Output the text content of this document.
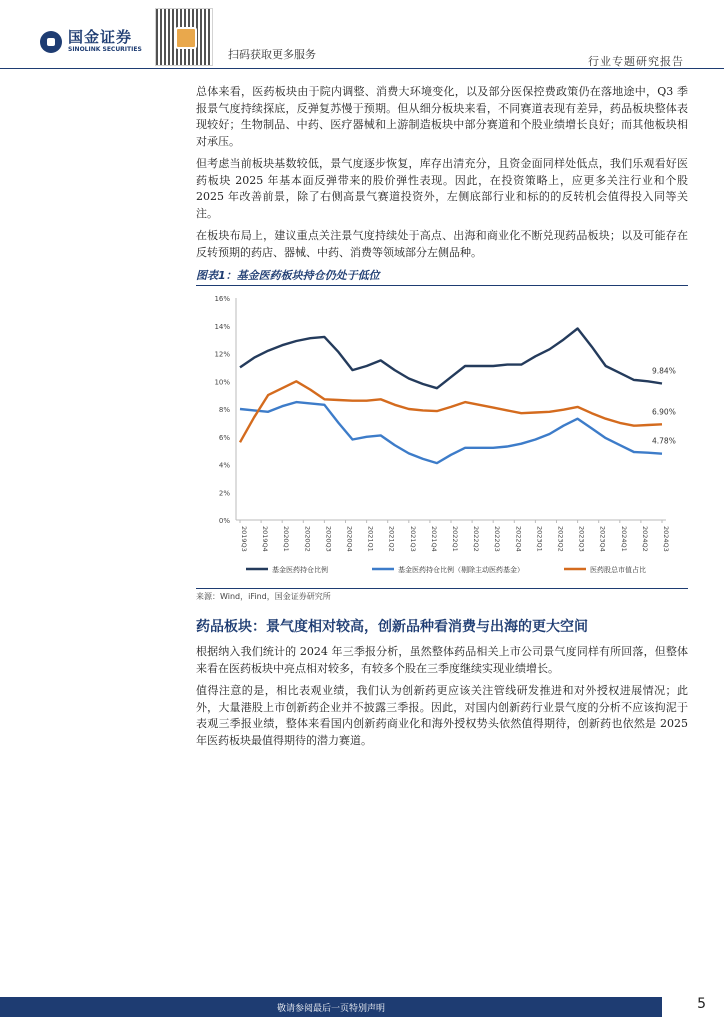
国金证券
SINOLINK SECURITIES	扫码获取更多服务
行业专题研究报告

总体来看，医药板块由于院内调整、消费大环境变化，以及部分医保控费政策仍在落地途中，Q3 季报景气度持续探底，反弹复苏慢于预期。但从细分板块来看，不同赛道表现有差异，药品板块整体表现较好；生物制品、中药、医疗器械和上游制造板块中部分赛道和个股业绩增长良好；而其他板块相对承压。

但考虑当前板块基数较低，景气度逐步恢复，库存出清充分，且资金面同样处低点，我们乐观看好医药板块 2025 年基本面反弹带来的股价弹性表现。因此，在投资策略上，应更多关注行业和个股 2025 年改善前景，除了右侧高景气赛道投资外，左侧底部行业和标的的反转机会值得投入同等关注。

在板块布局上，建议重点关注景气度持续处于高点、出海和商业化不断兑现药品板块；以及可能存在反转预期的药店、器械、中药、消费等领域部分左侧品种。

图表1：基金医药板块持仓仍处于低位
0%
2%
4%
6%
8%
10%
12%
14%
16%
2019Q3 2019Q4 2020Q1 2020Q2 2020Q3 2020Q4 2021Q1 2021Q2 2021Q3 2021Q4 2022Q1 2022Q2 2022Q3 2022Q4 2023Q1 2023Q2 2023Q3 2023Q4 2024Q1 2024Q2 2024Q3
9.84%
6.90%
4.78%
基金医药持仓比例	基金医药持仓比例（剔除主动医药基金）	医药股总市值占比
来源：Wind，iFind，国金证券研究所
药品板块：景气度相对较高，创新品种看消费与出海的更大空间

根据纳入我们统计的 2024 年三季报分析，虽然整体药品相关上市公司景气度同样有所回落，但整体来看在医药板块中亮点相对较多，有较多个股在三季度继续实现业绩增长。

值得注意的是，相比表观业绩，我们认为创新药更应该关注管线研发推进和对外授权进展情况；此外，大量港股上市创新药企业并不披露三季报。因此，对国内创新药行业景气度的分析不应该拘泥于表观三季报业绩，整体来看国内创新药商业化和海外授权势头依然值得期待，创新药也依然是 2025 年医药板块最值得期待的潜力赛道。

敬请参阅最后一页特别声明	5
